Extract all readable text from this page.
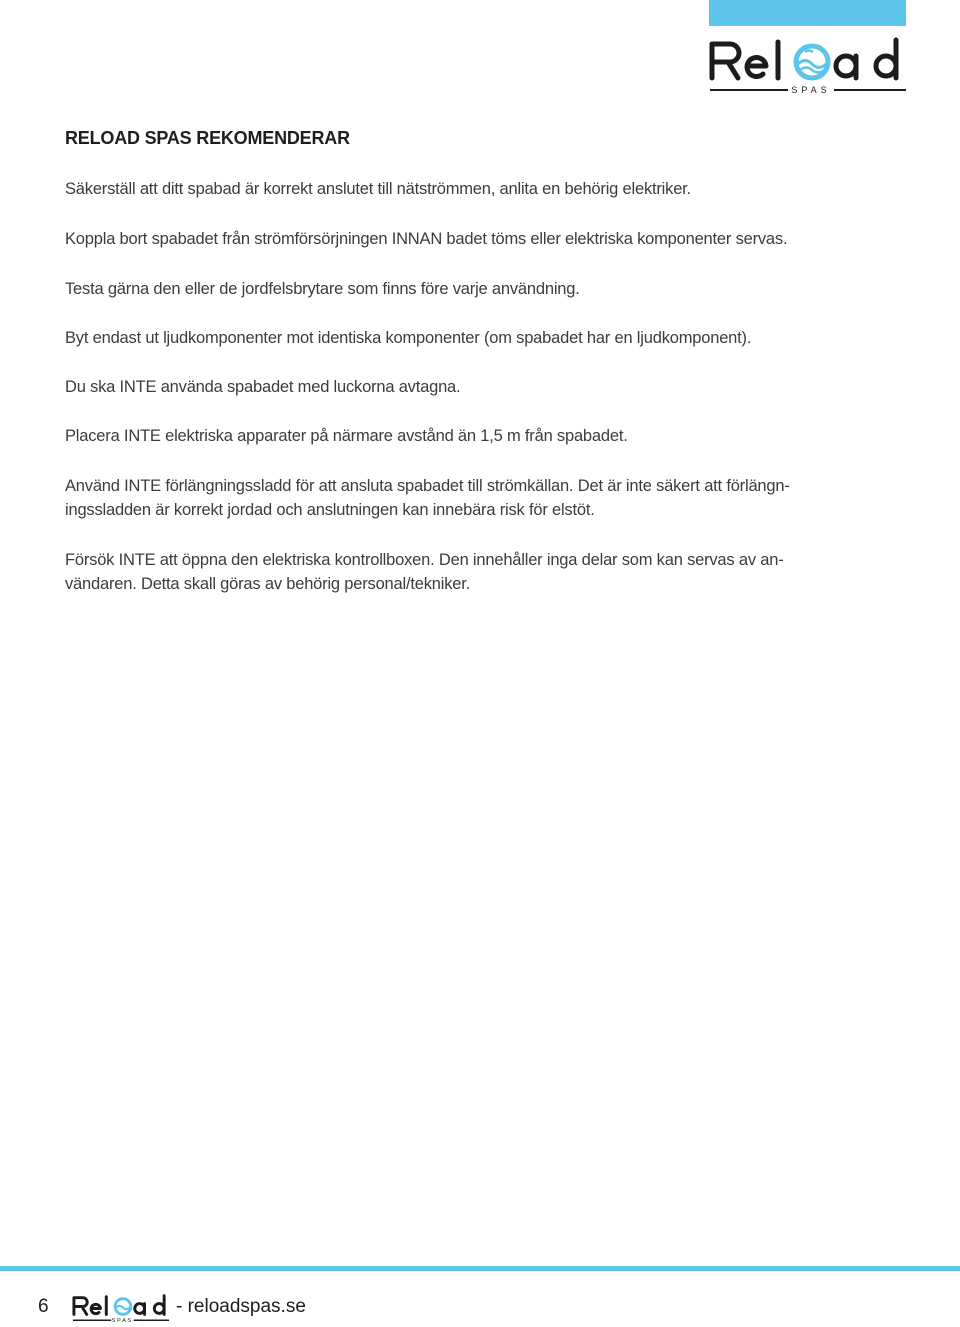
SPAS
RELOAD SPAS REKOMENDERAR

Säkerställ att ditt spabad är korrekt anslutet till nätströmmen, anlita en behörig elektriker.

Koppla bort spabadet från strömförsörjningen INNAN badet töms eller elektriska komponenter servas.

Testa gärna den eller de jordfelsbrytare som finns före varje användning.

Byt endast ut ljudkomponenter mot identiska komponenter (om spabadet har en ljudkomponent).

Du ska INTE använda spabadet med luckorna avtagna.

Placera INTE elektriska apparater på närmare avstånd än 1,5 m från spabadet.

Använd INTE förlängningssladd för att ansluta spabadet till strömkällan. Det är inte säkert att förlängn-
ingssladden är korrekt jordad och anslutningen kan innebära risk för elstöt.

Försök INTE att öppna den elektriska kontrollboxen. Den innehåller inga delar som kan servas av an-
vändaren. Detta skall göras av behörig personal/tekniker.

6
SPAS
- reloadspas.se
